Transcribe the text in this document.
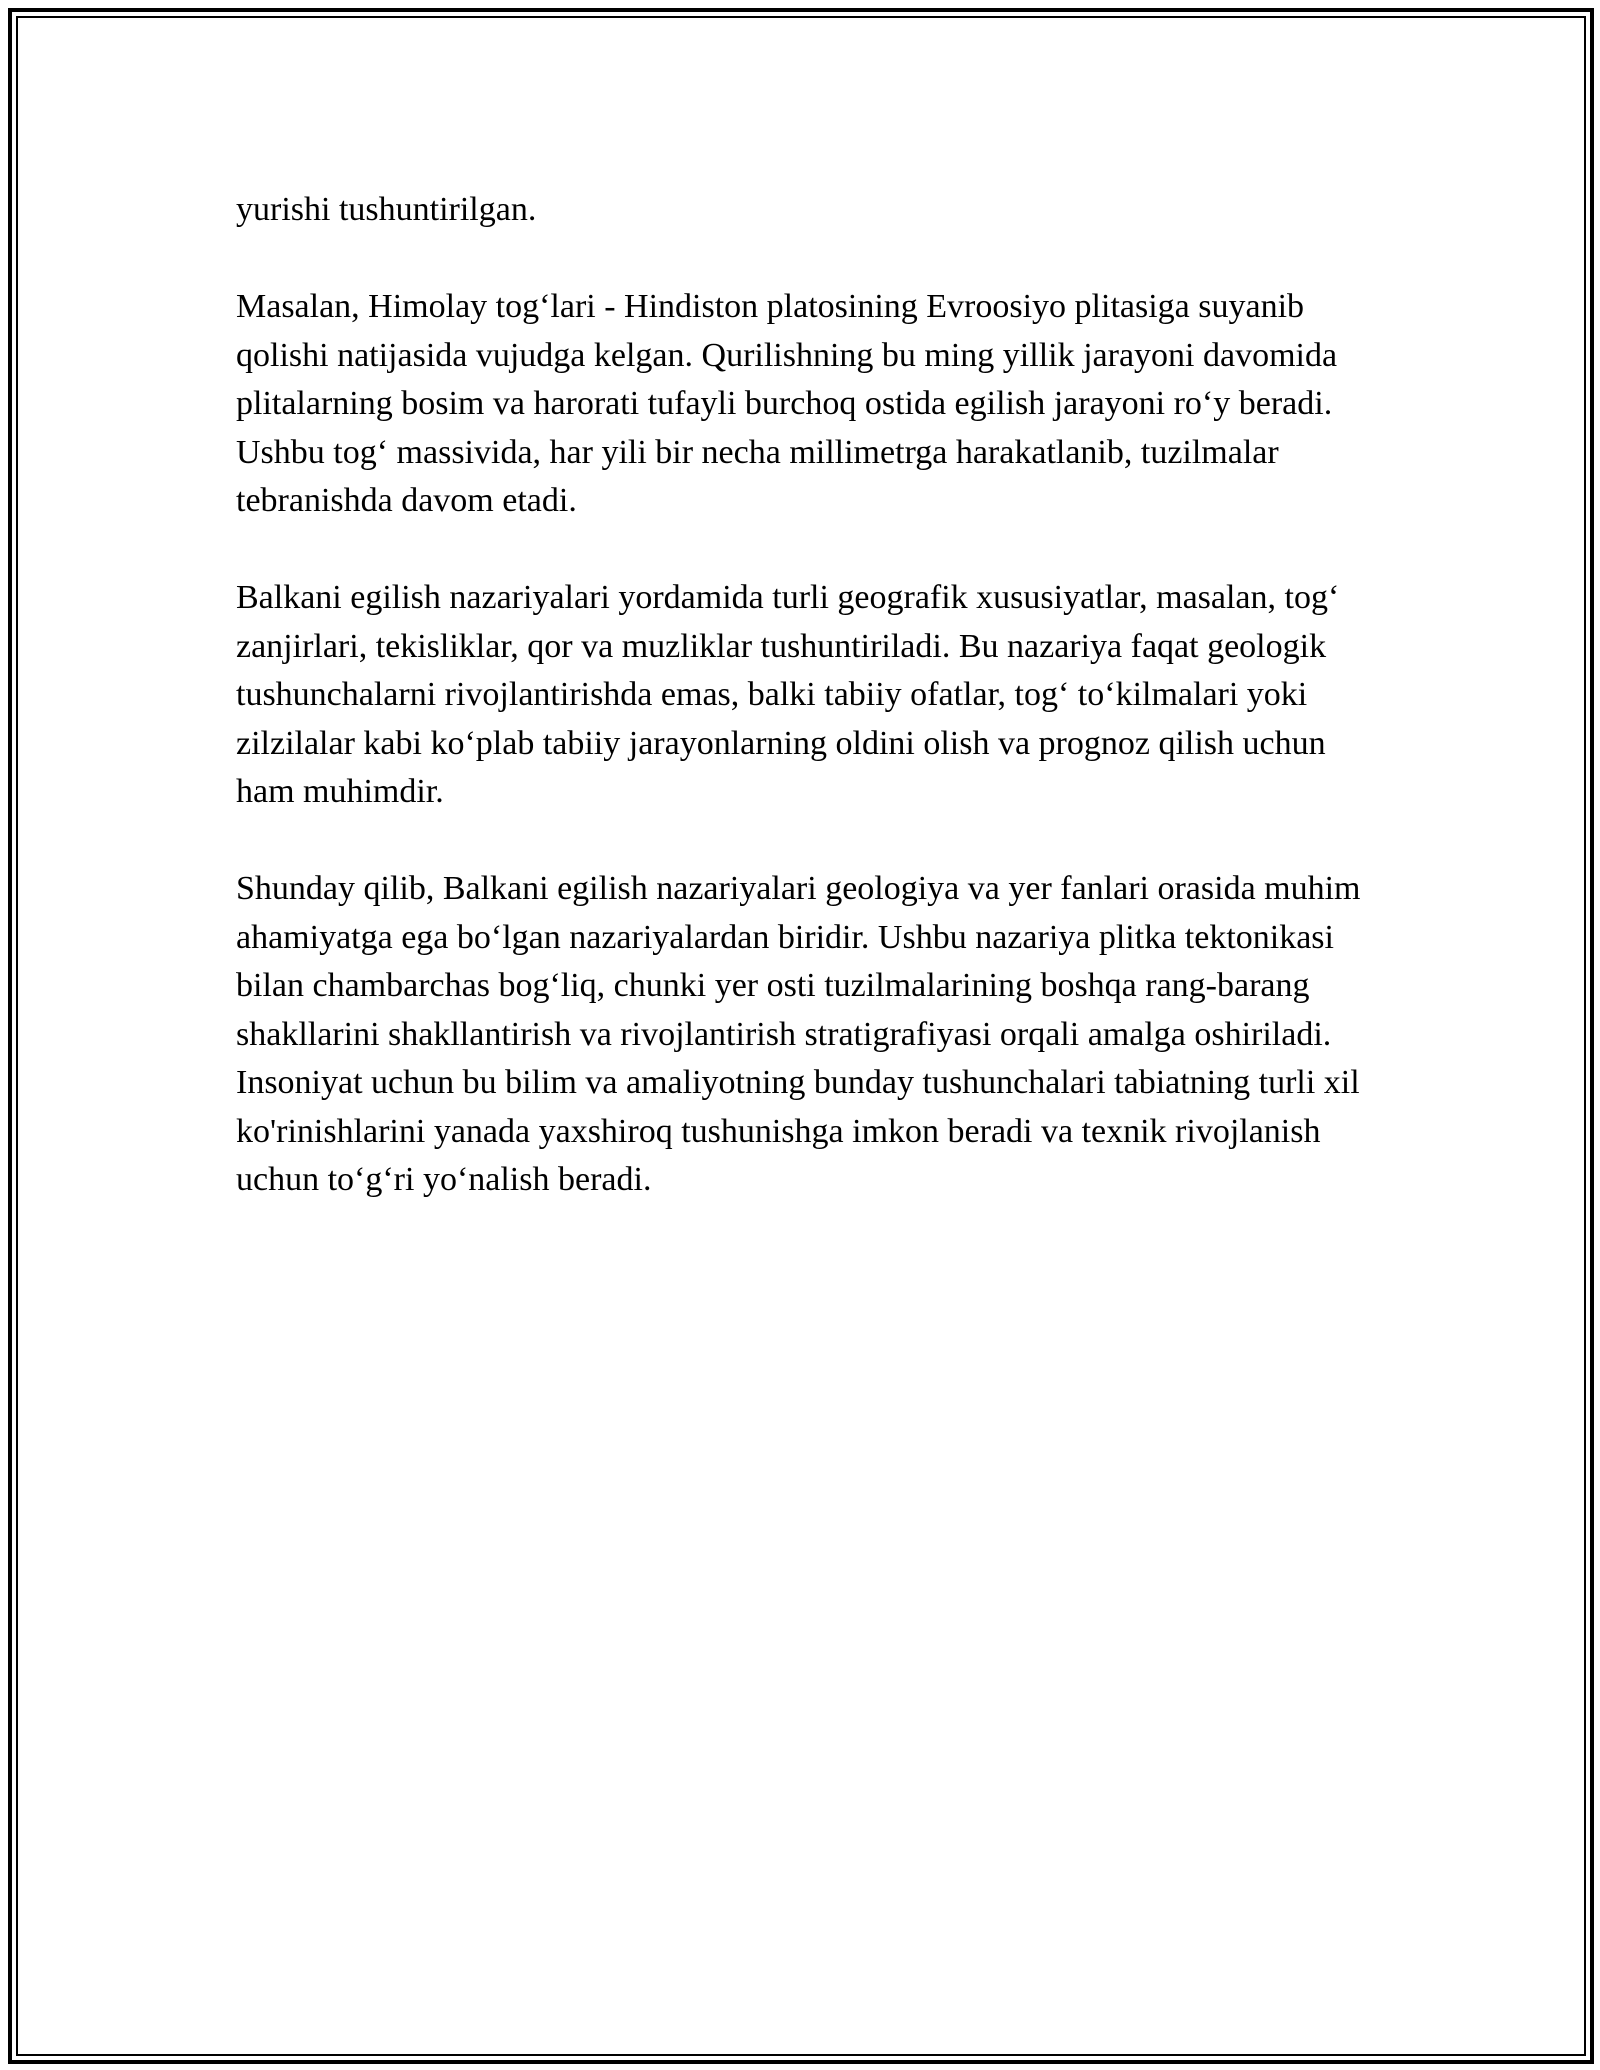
yurishi tushuntirilgan.

Masalan, Himolay tog‘lari - Hindiston platosining Evroosiyo plitasiga suyanib qolishi natijasida vujudga kelgan. Qurilishning bu ming yillik jarayoni davomida plitalarning bosim va harorati tufayli burchoq ostida egilish jarayoni ro‘y beradi. Ushbu tog‘ massivida, har yili bir necha millimetrga harakatlanib, tuzilmalar tebranishda davom etadi.

Balkani egilish nazariyalari yordamida turli geografik xususiyatlar, masalan, tog‘ zanjirlari, tekisliklar, qor va muzliklar tushuntiriladi. Bu nazariya faqat geologik tushunchalarni rivojlantirishda emas, balki tabiiy ofatlar, tog‘ to‘kilmalari yoki zilzilalar kabi ko‘plab tabiiy jarayonlarning oldini olish va prognoz qilish uchun ham muhimdir.

Shunday qilib, Balkani egilish nazariyalari geologiya va yer fanlari orasida muhim ahamiyatga ega bo‘lgan nazariyalardan biridir. Ushbu nazariya plitka tektonikasi bilan chambarchas bog‘liq, chunki yer osti tuzilmalarining boshqa rang-barang shakllarini shakllantirish va rivojlantirish stratigrafiyasi orqali amalga oshiriladi. Insoniyat uchun bu bilim va amaliyotning bunday tushunchalari tabiatning turli xil ko'rinishlarini yanada yaxshiroq tushunishga imkon beradi va texnik rivojlanish uchun to‘g‘ri yo‘nalish beradi.
